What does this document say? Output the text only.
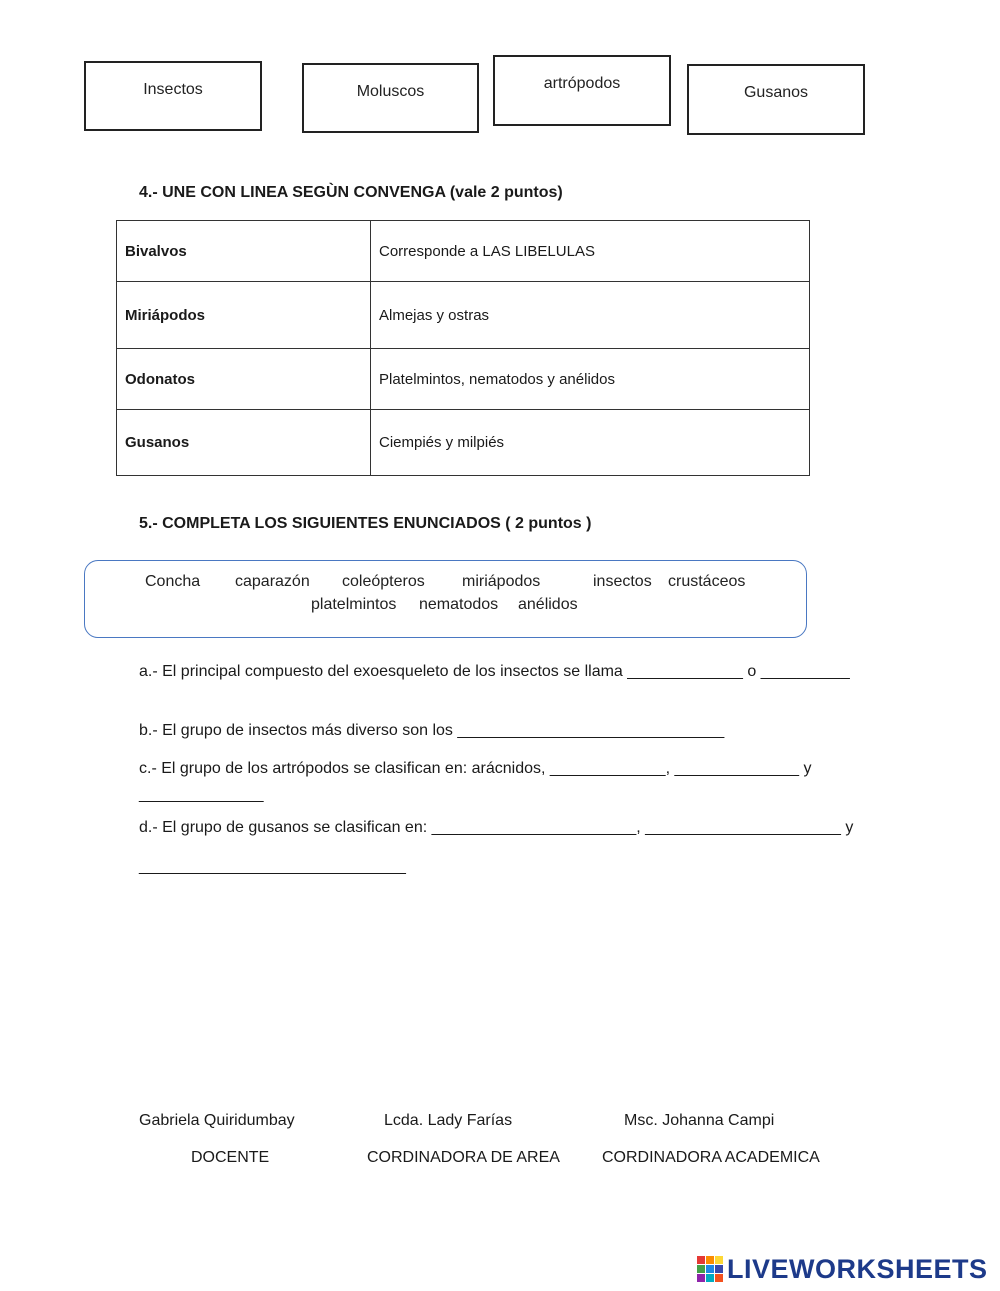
Insectos	Moluscos	artrópodos
Gusanos
4.- UNE CON LINEA SEGÙN CONVENGA (vale 2 puntos)
Bivalvos	Corresponde a LAS LIBELULAS
Miriápodos	Almejas y ostras
Odonatos	Platelmintos, nematodos y anélidos
Gusanos	Ciempiés y milpiés
5.- COMPLETA LOS SIGUIENTES ENUNCIADOS ( 2 puntos )
Concha caparazón coleópteros miriápodos	insectos crustáceos
platelmintos nematodos anélidos
a.- El principal compuesto del exoesqueleto de los insectos se llama _____________ o __________
b.- El grupo de insectos más diverso son los ______________________________
c.- El grupo de los artrópodos se clasifican en: arácnidos, _____________, ______________ y
______________
d.- El grupo de gusanos se clasifican en: _______________________, ______________________ y
______________________________
Gabriela Quiridumbay	Lcda. Lady Farías	Msc. Johanna Campi
DOCENTE	CORDINADORA DE AREA	CORDINADORA ACADEMICA
LIVEWORKSHEETS
